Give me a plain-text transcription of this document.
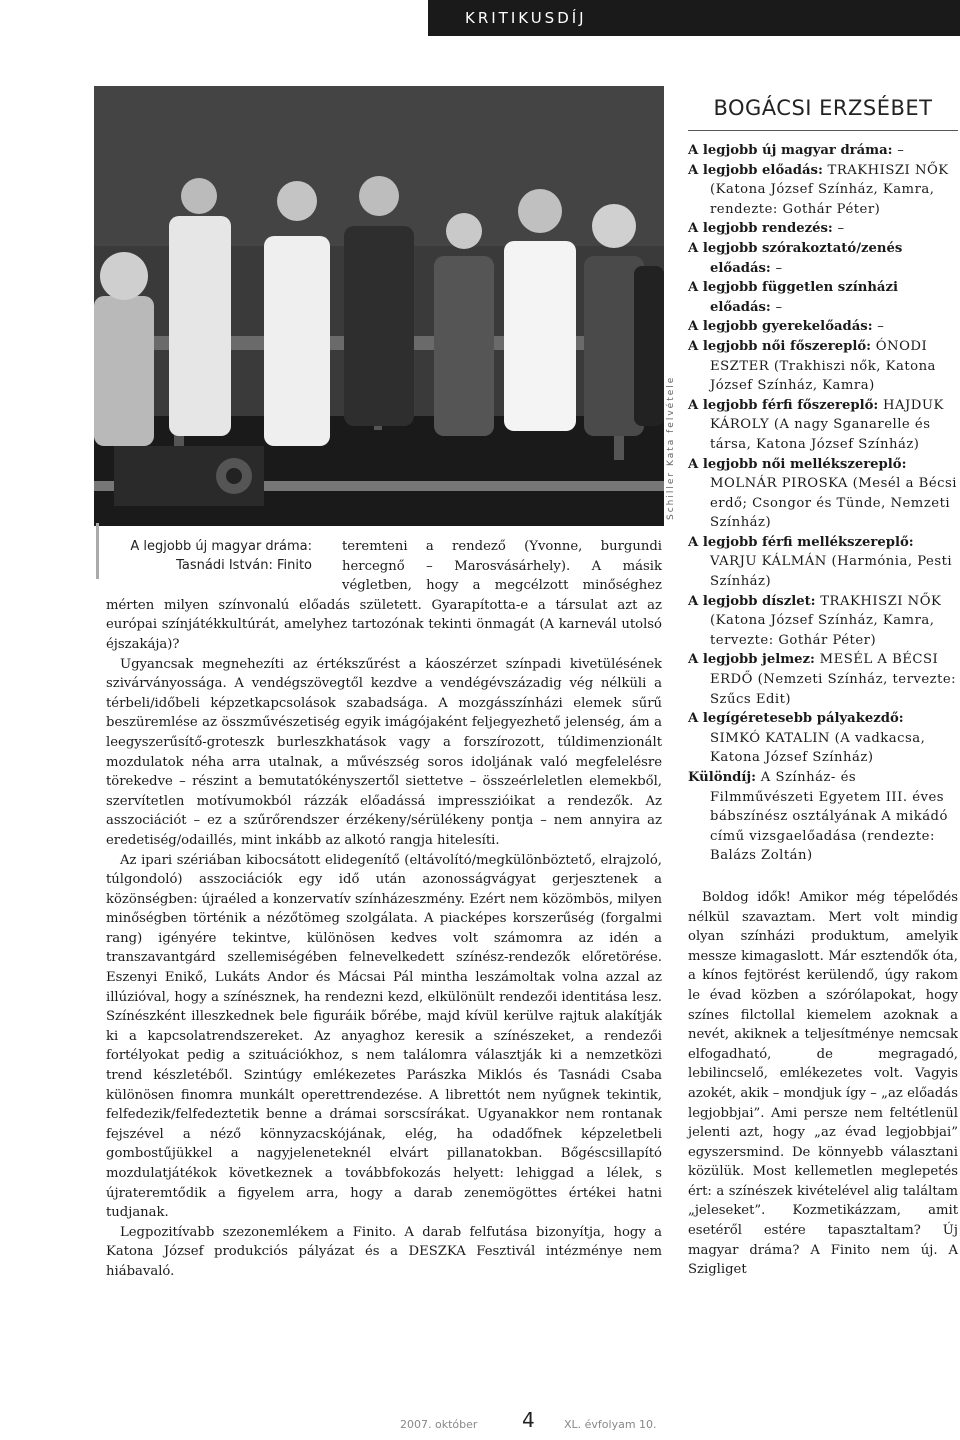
KRITIKUSDÍJ
Schiller Kata felvétele

teremteni a rendező (Yvonne, burgundi hercegnő – Marosvásárhely). A másik végletben, hogy a megcélzott minőséghez mérten milyen színvonalú előadás született. Gyarapította-e a társulat azt az európai színjátékkultúrát, amelyhez tartozónak tekinti önmagát (A karnevál utolsó éjszakája)?

Ugyancsak megnehezíti az értékszűrést a káoszérzet színpadi kivetülésének szivárványossága. A vendégszövegtől kezdve a vendégévszázadig vég nélküli a térbeli/időbeli képzetkapcsolások szabadsága. A mozgásszínházi elemek sűrű beszüremlése az összművészetiség egyik imágójaként feljegyezhető jelenség, ám a leegyszerűsítő-groteszk burleszkhatások vagy a forszírozott, túldimenzionált mozdulatok néha arra utalnak, a művészség soros idoljának való megfelelésre törekedve – részint a bemutatókényszertől siettetve – összeérleletlen elemekből, szervítetlen motívumokból rázzák előadássá impresszióikat a rendezők. Az asszociációt – ez a szűrőrendszer érzékeny/sérülékeny pontja – nem annyira az eredetiség/odaillés, mint inkább az alkotó rangja hitelesíti.

Az ipari szériában kibocsátott elidegenítő (eltávolító/megkülönböztető, elrajzoló, túlgondoló) asszociációk egy idő után azonosságvágyat gerjesztenek a közönségben: újraéled a konzervatív színházeszmény. Ezért nem közömbös, milyen minőségben történik a nézőtömeg szolgálata. A piacképes korszerűség (forgalmi rang) igényére tekintve, különösen kedves volt számomra az idén a transzavantgárd szellemiségében felnevelkedett színész-rendezők előretörése. Eszenyi Enikő, Lukáts Andor és Mácsai Pál mintha leszámoltak volna azzal az illúzióval, hogy a színésznek, ha rendezni kezd, elkülönült rendezői identitása lesz. Színészként illeszkednek bele figuráik bőrébe, majd kívül kerülve rajtuk alakítják ki a kapcsolatrendszereket. Az anyaghoz keresik a színészeket, a rendezői fortélyokat pedig a szituációkhoz, s nem találomra választják ki a nemzetközi trend készletéből. Szintúgy emlékezetes Parászka Miklós és Tasnádi Csaba különösen finomra munkált operettrendezése. A librettót nem nyűgnek tekintik, felfedezik/felfedeztetik benne a drámai sorscsírákat. Ugyanakkor nem rontanak fejszével a néző könnyzacskójának, elég, ha odadőfnek képzeletbeli gombostűjükkel a nagyjeleneteknél elvárt pillanatokban. Bőgéscsillapító mozdulatjátékok következnek a továbbfokozás helyett: lehiggad a lélek, s újrateremtődik a figyelem arra, hogy a darab zenemögöttes értékei hatni tudjanak.

Legpozitívabb szezonemlékem a Finito. A darab felfutása bizonyítja, hogy a Katona József produkciós pályázat és a DESZKA Fesztivál intézménye nem hiábavaló.

A legjobb új magyar dráma:
Tasnádi István: Finito
BOGÁCSI ERZSÉBET
A legjobb új magyar dráma: –
A legjobb előadás: TRAKHISZI NŐK (Katona József Színház, Kamra, rendezte: Gothár Péter)
A legjobb rendezés: –
A legjobb szórakoztató/zenés előadás: –
A legjobb független színházi előadás: –
A legjobb gyerekelőadás: –
A legjobb női főszereplő: ÓNODI ESZTER (Trakhiszi nők, Katona József Színház, Kamra)
A legjobb férfi főszereplő: HAJDUK KÁROLY (A nagy Sganarelle és társa, Katona József Színház)
A legjobb női mellékszereplő: MOLNÁR PIROSKA (Mesél a Bécsi erdő; Csongor és Tünde, Nemzeti Színház)
A legjobb férfi mellékszereplő: VARJU KÁLMÁN (Harmónia, Pesti Színház)
A legjobb díszlet: TRAKHISZI NŐK (Katona József Színház, Kamra, tervezte: Gothár Péter)
A legjobb jelmez: MESÉL A BÉCSI ERDŐ (Nemzeti Színház, tervezte: Szűcs Edit)
A legígéretesebb pályakezdő: SIMKÓ KATALIN (A vadkacsa, Katona József Színház)
Különdíj: A Színház- és Filmművészeti Egyetem III. éves bábszínész osztályának A mikádó című vizsgaelőadása (rendezte: Balázs Zoltán)

Boldog idők! Amikor még tépelődés nélkül szavaztam. Mert volt mindig olyan színházi produktum, amelyik messze kimagaslott. Már esztendők óta, a kínos fejtörést kerülendő, úgy rakom le évad közben a szórólapokat, hogy színes filctollal kiemelem azoknak a nevét, akiknek a teljesítménye nemcsak elfogadható, de megragadó, lebilincselő, emlékezetes volt. Vagyis azokét, akik – mondjuk így – „az előadás legjobbjai”. Ami persze nem feltétlenül jelenti azt, hogy „az évad legjobbjai” egyszersmind. De könnyebb választani közülük. Most kellemetlen meglepetés ért: a színészek kivételével alig találtam „jeleseket”. Kozmetikázzam, amit esetéről estére tapasztaltam? Új magyar dráma? A Finito nem új. A Szigliget

2007. október 4	XL. évfolyam 10.
